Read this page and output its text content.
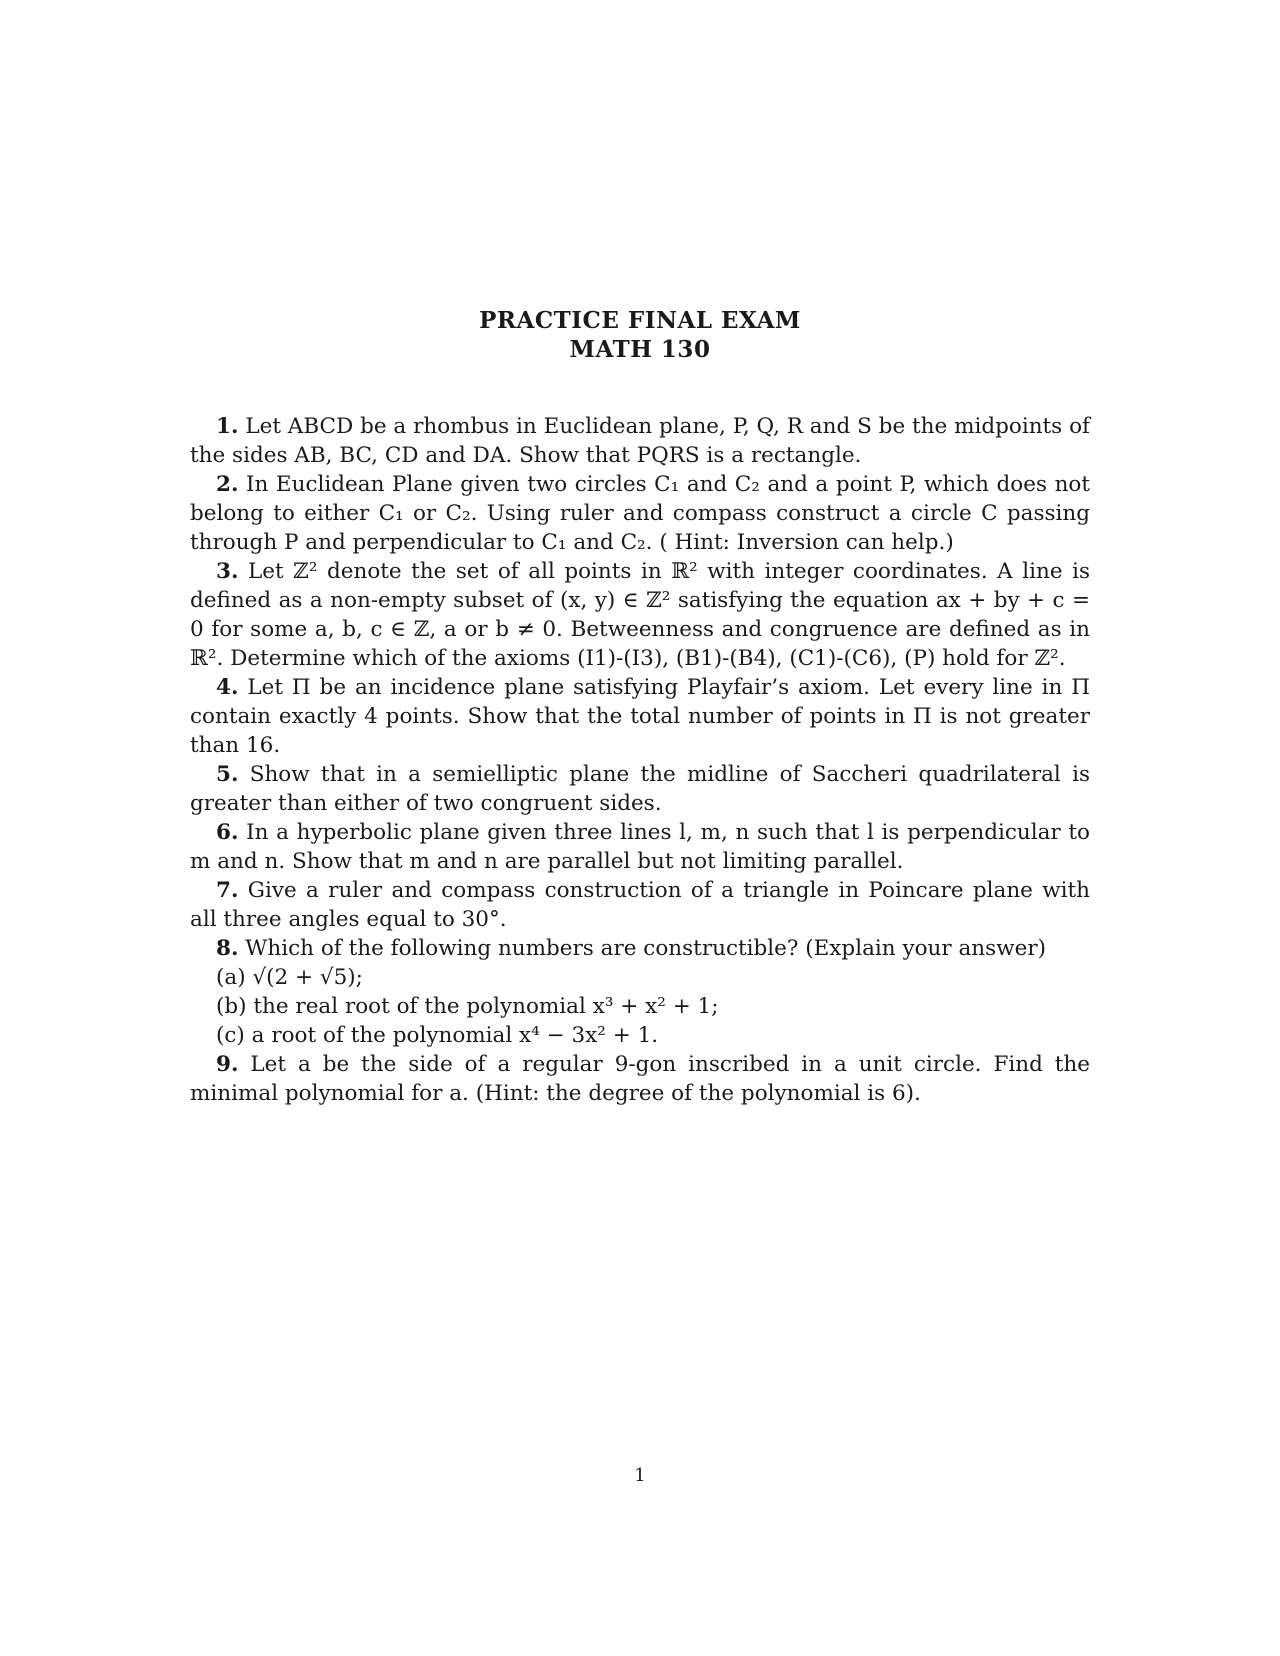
PRACTICE FINAL EXAM
MATH 130

1. Let ABCD be a rhombus in Euclidean plane, P, Q, R and S be the midpoints of the sides AB, BC, CD and DA. Show that PQRS is a rectangle.

2. In Euclidean Plane given two circles C₁ and C₂ and a point P, which does not belong to either C₁ or C₂. Using ruler and compass construct a circle C passing through P and perpendicular to C₁ and C₂. ( Hint: Inversion can help.)

3. Let ℤ² denote the set of all points in ℝ² with integer coordinates. A line is defined as a non-empty subset of (x, y) ∈ ℤ² satisfying the equation ax + by + c = 0 for some a, b, c ∈ ℤ, a or b ≠ 0. Betweenness and congruence are defined as in ℝ². Determine which of the axioms (I1)-(I3), (B1)-(B4), (C1)-(C6), (P) hold for ℤ².

4. Let Π be an incidence plane satisfying Playfair’s axiom. Let every line in Π contain exactly 4 points. Show that the total number of points in Π is not greater than 16.

5. Show that in a semielliptic plane the midline of Saccheri quadrilateral is greater than either of two congruent sides.

6. In a hyperbolic plane given three lines l, m, n such that l is perpendicular to m and n. Show that m and n are parallel but not limiting parallel.

7. Give a ruler and compass construction of a triangle in Poincare plane with all three angles equal to 30°.

8. Which of the following numbers are constructible? (Explain your answer)

(a) √(2 + √5);

(b) the real root of the polynomial x³ + x² + 1;

(c) a root of the polynomial x⁴ − 3x² + 1.

9. Let a be the side of a regular 9-gon inscribed in a unit circle. Find the minimal polynomial for a. (Hint: the degree of the polynomial is 6).

1
